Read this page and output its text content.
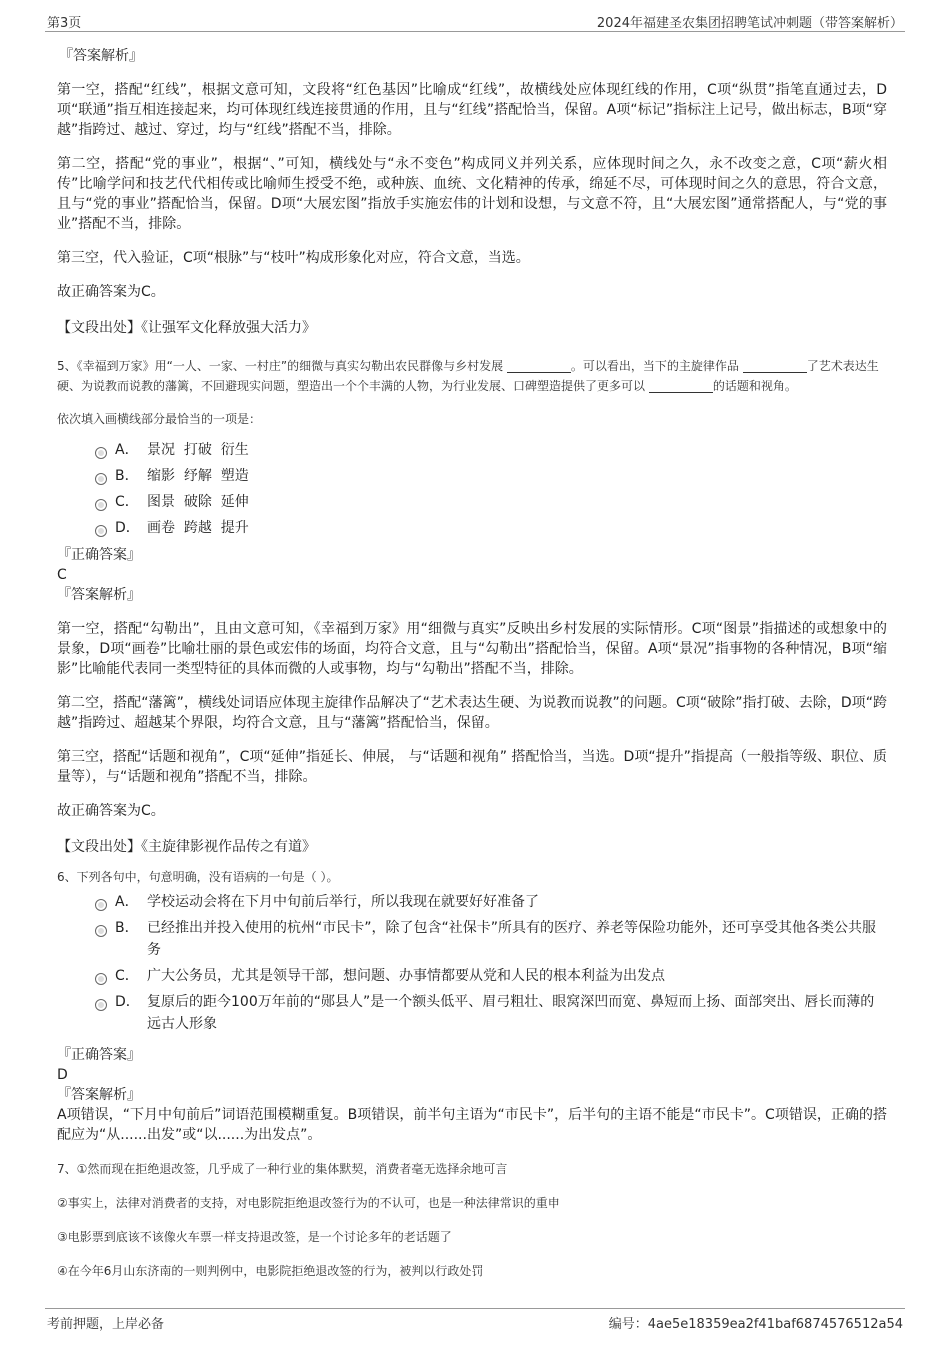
第3页	2024年福建圣农集团招聘笔试冲刺题（带答案解析）
『答案解析』
第一空，搭配“红线”，根据文意可知，文段将“红色基因”比喻成“红线”，故横线处应体现红线的作用，C项“纵贯”指笔直通过去，D项“联通”指互相连接起来，均可体现红线连接贯通的作用，且与“红线”搭配恰当，保留。A项“标记”指标注上记号，做出标志，B项“穿越”指跨过、越过、穿过，均与“红线”搭配不当，排除。
第二空，搭配“党的事业”，根据“、”可知，横线处与“永不变色”构成同义并列关系，应体现时间之久，永不改变之意，C项“薪火相传”比喻学问和技艺代代相传或比喻师生授受不绝，或种族、血统、文化精神的传承，绵延不尽，可体现时间之久的意思，符合文意，且与“党的事业”搭配恰当，保留。D项“大展宏图”指放手实施宏伟的计划和设想，与文意不符，且“大展宏图”通常搭配人，与“党的事业”搭配不当，排除。
第三空，代入验证，C项“根脉”与“枝叶”构成形象化对应，符合文意，当选。
故正确答案为C。
【文段出处】《让强军文化释放强大活力》
5、《幸福到万家》用“一人、一家、一村庄”的细微与真实勾勒出农民群像与乡村发展	。可以看出，当下的主旋律作品	了艺术表达生硬、为说教而说教的藩篱，不回避现实问题，塑造出一个个丰满的人物，为行业发展、口碑塑造提供了更多可以	的话题和视角。
依次填入画横线部分最恰当的一项是：
A． 景况  打破  衍生
B． 缩影  纾解  塑造
C． 图景  破除  延伸
D． 画卷  跨越  提升
『正确答案』
C
『答案解析』
第一空，搭配“勾勒出”，且由文意可知，《幸福到万家》用“细微与真实”反映出乡村发展的实际情形。C项“图景”指描述的或想象中的景象，D项“画卷”比喻壮丽的景色或宏伟的场面，均符合文意，且与“勾勒出”搭配恰当，保留。A项“景况”指事物的各种情况，B项“缩影”比喻能代表同一类型特征的具体而微的人或事物，均与“勾勒出”搭配不当，排除。
第二空，搭配“藩篱”，横线处词语应体现主旋律作品解决了“艺术表达生硬、为说教而说教”的问题。C项“破除”指打破、去除，D项“跨越”指跨过、超越某个界限，均符合文意，且与“藩篱”搭配恰当，保留。
第三空，搭配“话题和视角”，C项“延伸”指延长、伸展， 与“话题和视角” 搭配恰当，当选。D项“提升”指提高（一般指等级、职位、质量等），与“话题和视角”搭配不当，排除。
故正确答案为C。
【文段出处】《主旋律影视作品传之有道》
6、下列各句中，句意明确，没有语病的一句是（ ）。
A． 学校运动会将在下月中旬前后举行，所以我现在就要好好准备了
B． 已经推出并投入使用的杭州“市民卡”，除了包含“社保卡”所具有的医疗、养老等保险功能外，还可享受其他各类公共服务
C． 广大公务员，尤其是领导干部，想问题、办事情都要从党和人民的根本利益为出发点
D． 复原后的距今100万年前的“郧县人”是一个额头低平、眉弓粗壮、眼窝深凹而宽、鼻短而上扬、面部突出、唇长而薄的远古人形象
『正确答案』
D
『答案解析』
A项错误，“下月中旬前后”词语范围模糊重复。B项错误，前半句主语为“市民卡”，后半句的主语不能是“市民卡”。C项错误，正确的搭配应为“从......出发”或“以......为出发点”。
7、①然而现在拒绝退改签，几乎成了一种行业的集体默契，消费者毫无选择余地可言
②事实上，法律对消费者的支持，对电影院拒绝退改签行为的不认可，也是一种法律常识的重申
③电影票到底该不该像火车票一样支持退改签，是一个讨论多年的老话题了
④在今年6月山东济南的一则判例中，电影院拒绝退改签的行为，被判以行政处罚
考前押题，上岸必备	编号：4ae5e18359ea2f41baf6874576512a54
